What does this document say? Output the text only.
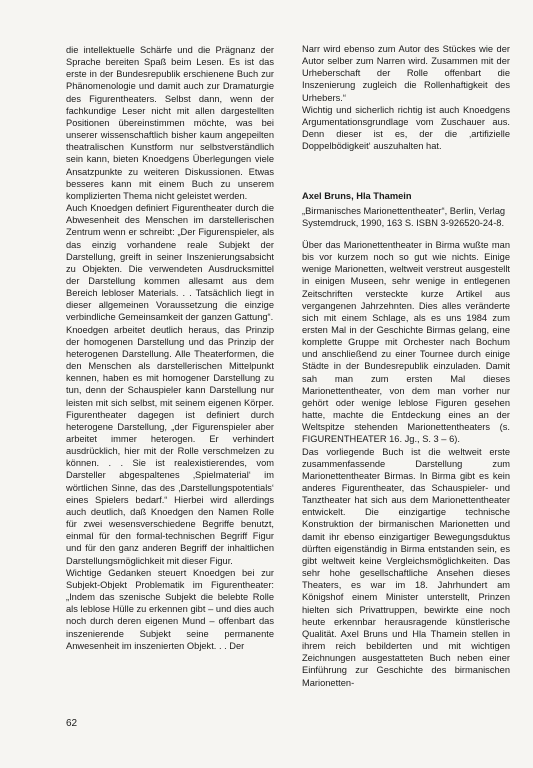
die intellektuelle Schärfe und die Prägnanz der Sprache bereiten Spaß beim Lesen. Es ist das erste in der Bundesrepublik erschienene Buch zur Phänomenologie und damit auch zur Dramaturgie des Figurentheaters. Selbst dann, wenn der fachkundige Leser nicht mit allen dargestellten Positionen übereinstimmen möchte, was bei unserer wissenschaftlich bisher kaum angepeilten theatralischen Kunstform nur selbstverständlich sein kann, bieten Knoedgens Überlegungen viele Ansatzpunkte zu weiteren Diskussionen. Etwas besseres kann mit einem Buch zu unserem komplizierten Thema nicht geleistet werden.

Auch Knoedgen definiert Figurentheater durch die Abwesenheit des Menschen im darstellerischen Zentrum wenn er schreibt: „Der Figurenspieler, als das einzig vorhandene reale Subjekt der Darstellung, greift in seiner Inszenierungsabsicht zu Objekten. Die verwendeten Ausdrucksmittel der Darstellung kommen allesamt aus dem Bereich lebloser Materials. . . Tatsächlich liegt in dieser allgemeinen Voraussetzung die einzige verbindliche Gemeinsamkeit der ganzen Gattung“.

Knoedgen arbeitet deutlich heraus, das Prinzip der homogenen Darstellung und das Prinzip der heterogenen Darstellung. Alle Theaterformen, die den Menschen als darstellerischen Mittelpunkt kennen, haben es mit homogener Darstellung zu tun, denn der Schauspieler kann Darstellung nur leisten mit sich selbst, mit seinem eigenen Körper. Figurentheater dagegen ist definiert durch heterogene Darstellung, „der Figurenspieler aber arbeitet immer heterogen. Er verhindert ausdrücklich, hier mit der Rolle verschmelzen zu können. . . Sie ist realexistierendes, vom Darsteller abgespaltenes ‚Spielmaterial‘ im wörtlichen Sinne, das des ‚Darstellungspotentials‘ eines Spielers bedarf.“ Hierbei wird allerdings auch deutlich, daß Knoedgen den Namen Rolle für zwei wesensverschiedene Begriffe benutzt, einmal für den formal-technischen Begriff Figur und für den ganz anderen Begriff der inhaltlichen Darstellungsmöglichkeit mit dieser Figur.

Wichtige Gedanken steuert Knoedgen bei zur Subjekt-Objekt Problematik im Figurentheater: „Indem das szenische Subjekt die belebte Rolle als leblose Hülle zu erkennen gibt – und dies auch noch durch deren eigenen Mund – offenbart das inszenierende Subjekt seine permanente Anwesenheit im inszenierten Objekt. . . Der

Narr wird ebenso zum Autor des Stückes wie der Autor selber zum Narren wird. Zusammen mit der Urheberschaft der Rolle offenbart die Inszenierung zugleich die Rollenhaftigkeit des Urhebers.“

Wichtig und sicherlich richtig ist auch Knoedgens Argumentationsgrundlage vom Zuschauer aus. Denn dieser ist es, der die ‚artifizielle Doppelbödigkeit‘ auszuhalten hat.

Axel Bruns, Hla Thamein

„Birmanisches Marionettentheater“, Berlin, Verlag Systemdruck, 1990, 163 S. ISBN 3-926520-24-8.

Über das Marionettentheater in Birma wußte man bis vor kurzem noch so gut wie nichts. Einige wenige Marionetten, weltweit verstreut ausgestellt in einigen Museen, sehr wenige in entlegenen Zeitschriften versteckte kurze Artikel aus vergangenen Jahrzehnten. Dies alles veränderte sich mit einem Schlage, als es uns 1984 zum ersten Mal in der Geschichte Birmas gelang, eine komplette Gruppe mit Orchester nach Bochum und anschließend zu einer Tournee durch einige Städte in der Bundesrepublik einzuladen. Damit sah man zum ersten Mal dieses Marionettentheater, von dem man vorher nur gehört oder wenige leblose Figuren gesehen hatte, machte die Entdeckung eines an der Weltspitze stehenden Marionettentheaters (s. FIGURENTHEATER 16. Jg., S. 3 – 6).

Das vorliegende Buch ist die weltweit erste zusammenfassende Darstellung zum Marionettentheater Birmas. In Birma gibt es kein anderes Figurentheater, das Schauspieler- und Tanztheater hat sich aus dem Marionettentheater entwickelt. Die einzigartige technische Konstruktion der birmanischen Marionetten und damit ihr ebenso einzigartiger Bewegungsduktus dürften eigenständig in Birma entstanden sein, es gibt weltweit keine Vergleichsmöglichkeiten. Das sehr hohe gesellschaftliche Ansehen dieses Theaters, es war im 18. Jahrhundert am Königshof einem Minister unterstellt, Prinzen hielten sich Privattruppen, bewirkte eine noch heute erkennbar herausragende künstlerische Qualität. Axel Bruns und Hla Thamein stellen in ihrem reich bebilderten und mit wichtigen Zeichnungen ausgestatteten Buch neben einer Einführung zur Geschichte des birmanischen Marionetten-

62
